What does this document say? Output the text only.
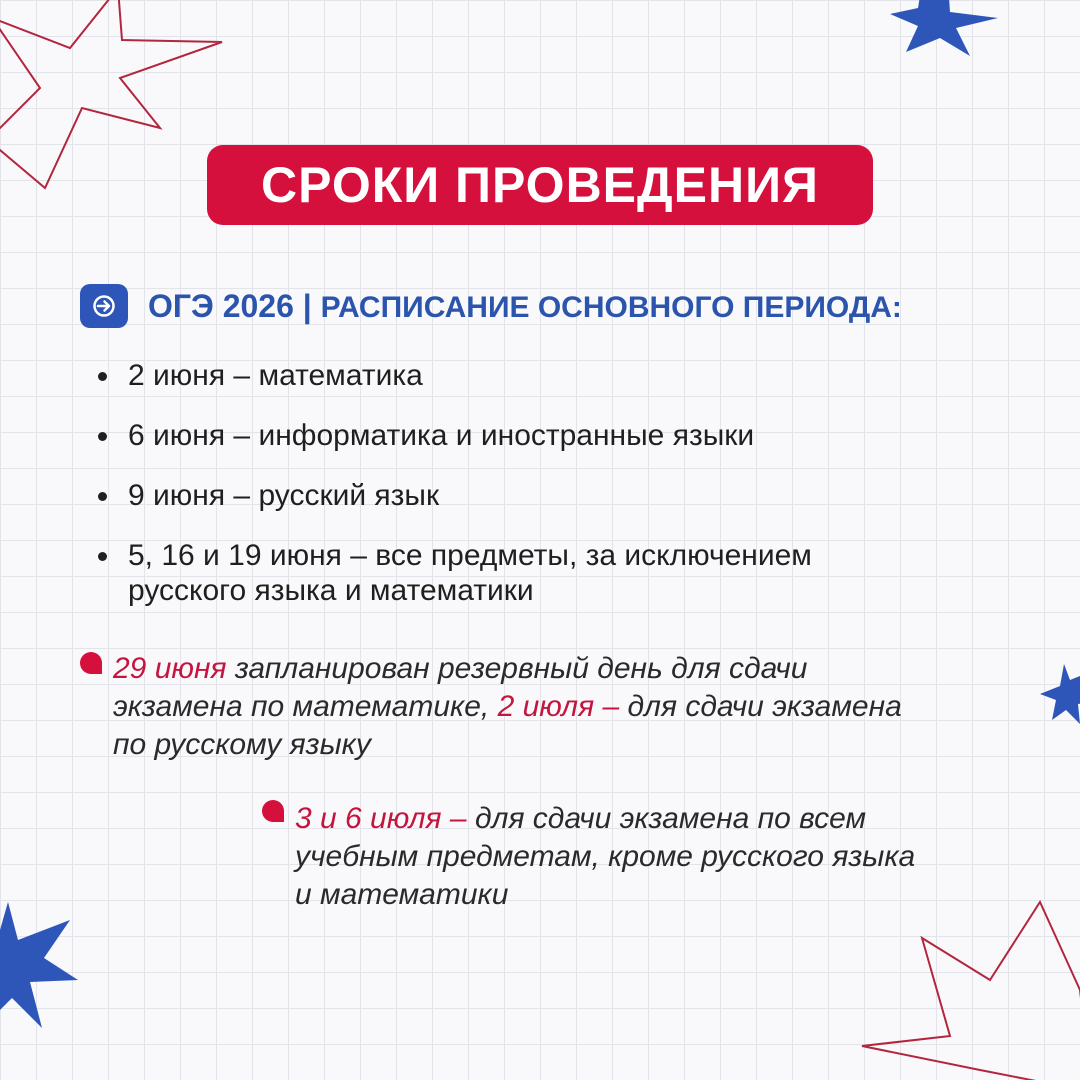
СРОКИ ПРОВЕДЕНИЯ
ОГЭ 2026 | РАСПИСАНИЕ ОСНОВНОГО ПЕРИОДА:
2 июня – математика
6 июня – информатика и иностранные языки
9 июня – русский язык
5, 16 и 19 июня – все предметы, за исключением
русского языка и математики
29 июня запланирован резервный день для сдачи
экзамена по математике, 2 июля – для сдачи экзамена
по русскому языку
3 и 6 июля – для сдачи экзамена по всем
учебным предметам, кроме русского языка
и математики
